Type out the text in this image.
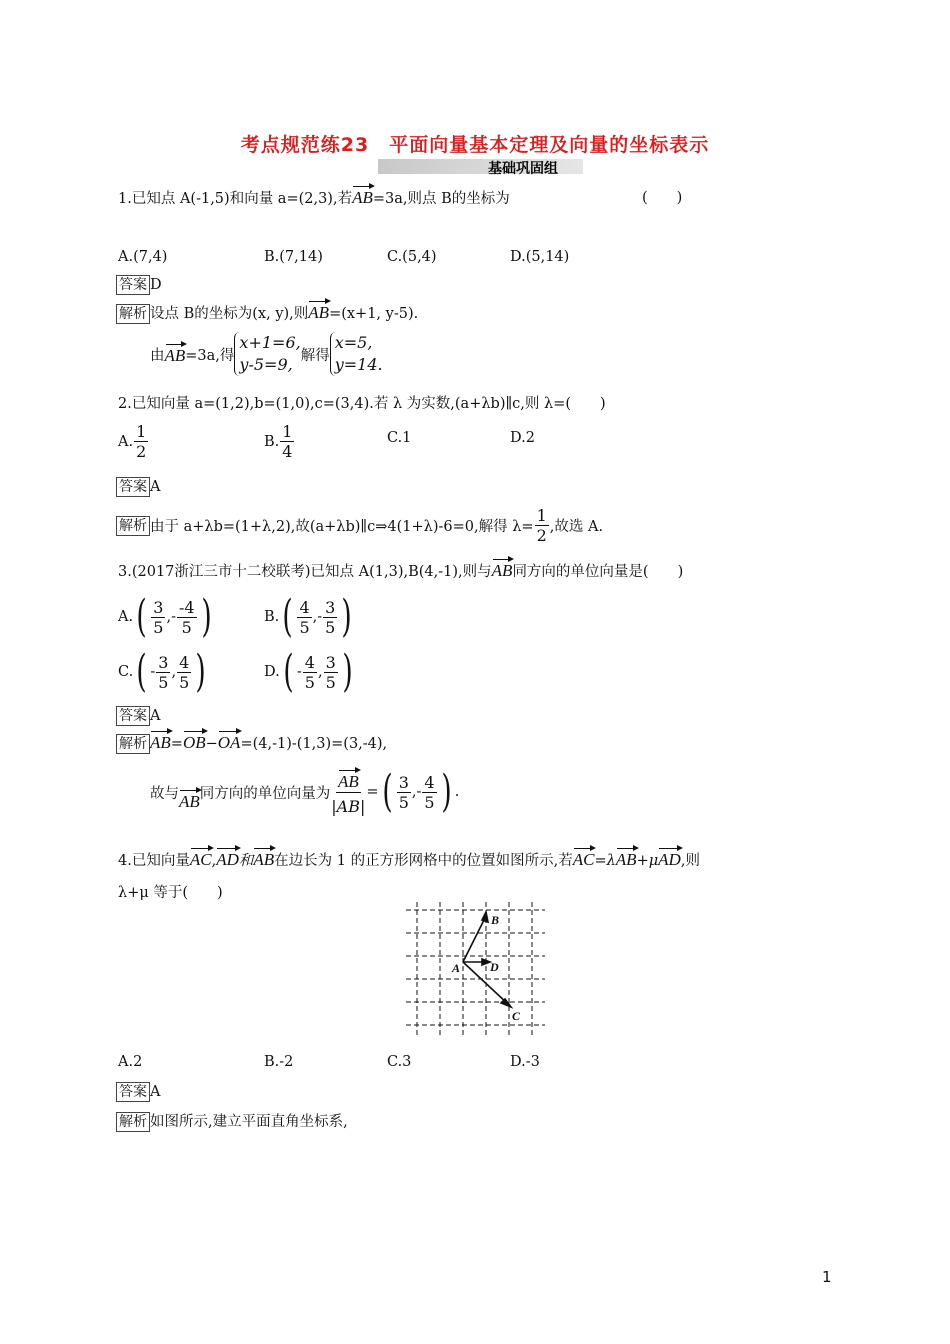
考点规范练23　平面向量基本定理及向量的坐标表示
基础巩固组
1.已知点 A(-1,5)和向量 a=(2,3),若AB=3a,则点 B的坐标为	(　　)
A.(7,4)	B.(7,14)	C.(5,4)	D.(5,14)
答案 D
解析 设点 B的坐标为(x, y),则AB=(x+1, y-5).
由 AB =3a,得
x+1=6,
y-5=9, 解得
x=5,
y=14.
2.已知向量 a=(1,2),b=(1,0),c=(3,4).若 λ 为实数,(a+λb)∥c,则 λ=(　　)
A. $\frac{1}{2}$	B. $\frac{1}{4}$	C.1	D.2
答案 A
解析 由于 a+λb=(1+λ,2),故(a+λb)∥c⇒4(1+λ)-6=0,解得 $\lambda= \frac{1}{2}$ ,故选 A.
3.(2017浙江三市十二校联考)已知点 A(1,3),B(4,-1),则与AB同方向的单位向量是(　　)
A. ( $\frac{3}{5}$ , - $\frac{-4}{5}$ )	B. ( $\frac{4}{5}$ , - $\frac{3}{5}$ )
C. ( - $\frac{3}{5}$ , $\frac{4}{5}$ )	D. ( - $\frac{4}{5}$ , $\frac{3}{5}$ )
答案 A
解析 AB=OB−OA=(4,-1)-(1,3)=(3,-4),
故与 AB 同方向的单位向量为 $\frac{AB}{|AB|}$ = ( $\frac{3}{5}$ ,- $\frac{4}{5}$ ) .
4.已知向量AC,AD和AB在边长为 1 的正方形网格中的位置如图所示,若AC=λAB+μAD,则
λ+μ 等于(　　)
A
B
C
D
A.2	B.-2	C.3	D.-3
答案 A
解析 如图所示,建立平面直角坐标系,
1
